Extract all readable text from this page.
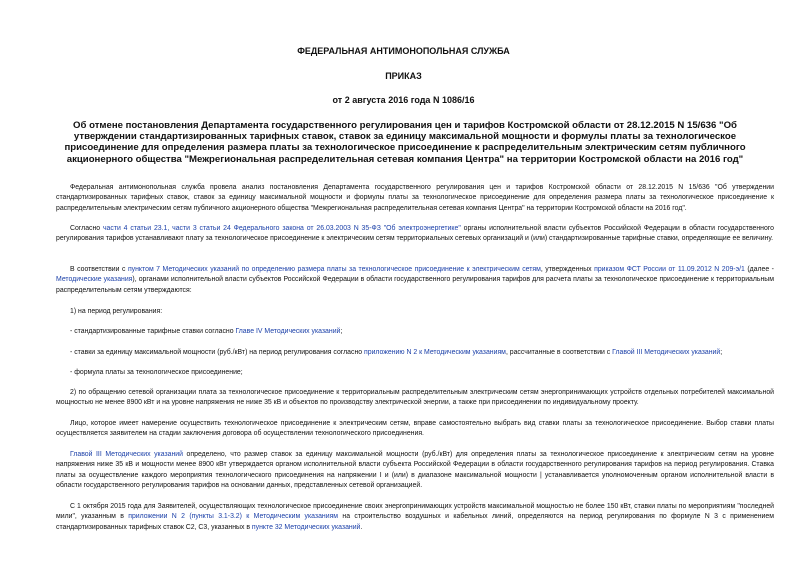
ФЕДЕРАЛЬНАЯ АНТИМОНОПОЛЬНАЯ СЛУЖБА
ПРИКАЗ
от 2 августа 2016 года N 1086/16
Об отмене постановления Департамента государственного регулирования цен и тарифов Костромской области от 28.12.2015 N 15/636 "Об утверждении стандартизированных тарифных ставок, ставок за единицу максимальной мощности и формулы платы за технологическое присоединение для определения размера платы за технологическое присоединение к распределительным электрическим сетям публичного акционерного общества "Межрегиональная распределительная сетевая компания Центра" на территории Костромской области на 2016 год"

Федеральная антимонопольная служба провела анализ постановления Департамента государственного регулирования цен и тарифов Костромской области от 28.12.2015 N 15/636 "Об утверждении стандартизированных тарифных ставок, ставок за единицу максимальной мощности и формулы платы за технологическое присоединение для определения размера платы за технологическое присоединение к распределительным электрическим сетям публичного акционерного общества "Межрегиональная распределительная сетевая компания Центра" на территории Костромской области на 2016 год".

Согласно части 4 статьи 23.1, части 3 статьи 24 Федерального закона от 26.03.2003 N 35-ФЗ "Об электроэнергетике" органы исполнительной власти субъектов Российской Федерации в области государственного регулирования тарифов устанавливают плату за технологическое присоединение к электрическим сетям территориальных сетевых организаций и (или) стандартизированные тарифные ставки, определяющие ее величину.

В соответствии с пунктом 7 Методических указаний по определению размера платы за технологическое присоединение к электрическим сетям, утвержденных приказом ФСТ России от 11.09.2012 N 209-э/1 (далее - Методические указания), органами исполнительной власти субъектов Российской Федерации в области государственного регулирования тарифов для расчета платы за технологическое присоединение к территориальным распределительным сетям утверждаются:

1) на период регулирования:

- стандартизированные тарифные ставки согласно Главе IV Методических указаний;

- ставки за единицу максимальной мощности (руб./кВт) на период регулирования согласно приложению N 2 к Методическим указаниям, рассчитанные в соответствии с Главой III Методических указаний;

- формула платы за технологическое присоединение;

2) по обращению сетевой организации плата за технологическое присоединение к территориальным распределительным электрическим сетям энергопринимающих устройств отдельных потребителей максимальной мощностью не менее 8900 кВт и на уровне напряжения не ниже 35 кВ и объектов по производству электрической энергии, а также при присоединении по индивидуальному проекту.

Лицо, которое имеет намерение осуществить технологическое присоединение к электрическим сетям, вправе самостоятельно выбрать вид ставки платы за технологическое присоединение. Выбор ставки платы осуществляется заявителем на стадии заключения договора об осуществлении технологического присоединения.

Главой III Методических указаний определено, что размер ставок за единицу максимальной мощности (руб./кВт) для определения платы за технологическое присоединение к электрическим сетям на уровне напряжения ниже 35 кВ и мощности менее 8900 кВт утверждается органом исполнительной власти субъекта Российской Федерации в области государственного регулирования тарифов на период регулирования. Ставка платы за осуществление каждого мероприятия технологического присоединения на напряжении I и (или) в диапазоне максимальной мощности | устанавливается уполномоченным органом исполнительной власти в области государственного регулирования тарифов на основании данных, представленных сетевой организацией.

С 1 октября 2015 года для Заявителей, осуществляющих технологическое присоединение своих энергопринимающих устройств максимальной мощностью не более 150 кВт, ставки платы по мероприятиям "последней мили", указанным в приложении N 2 (пункты 3.1-3.2) к Методическим указаниям на строительство воздушных и кабельных линий, определяются на период регулирования по формуле N 3 с применением стандартизированных тарифных ставок С2, С3, указанных в пункте 32 Методических указаний.
